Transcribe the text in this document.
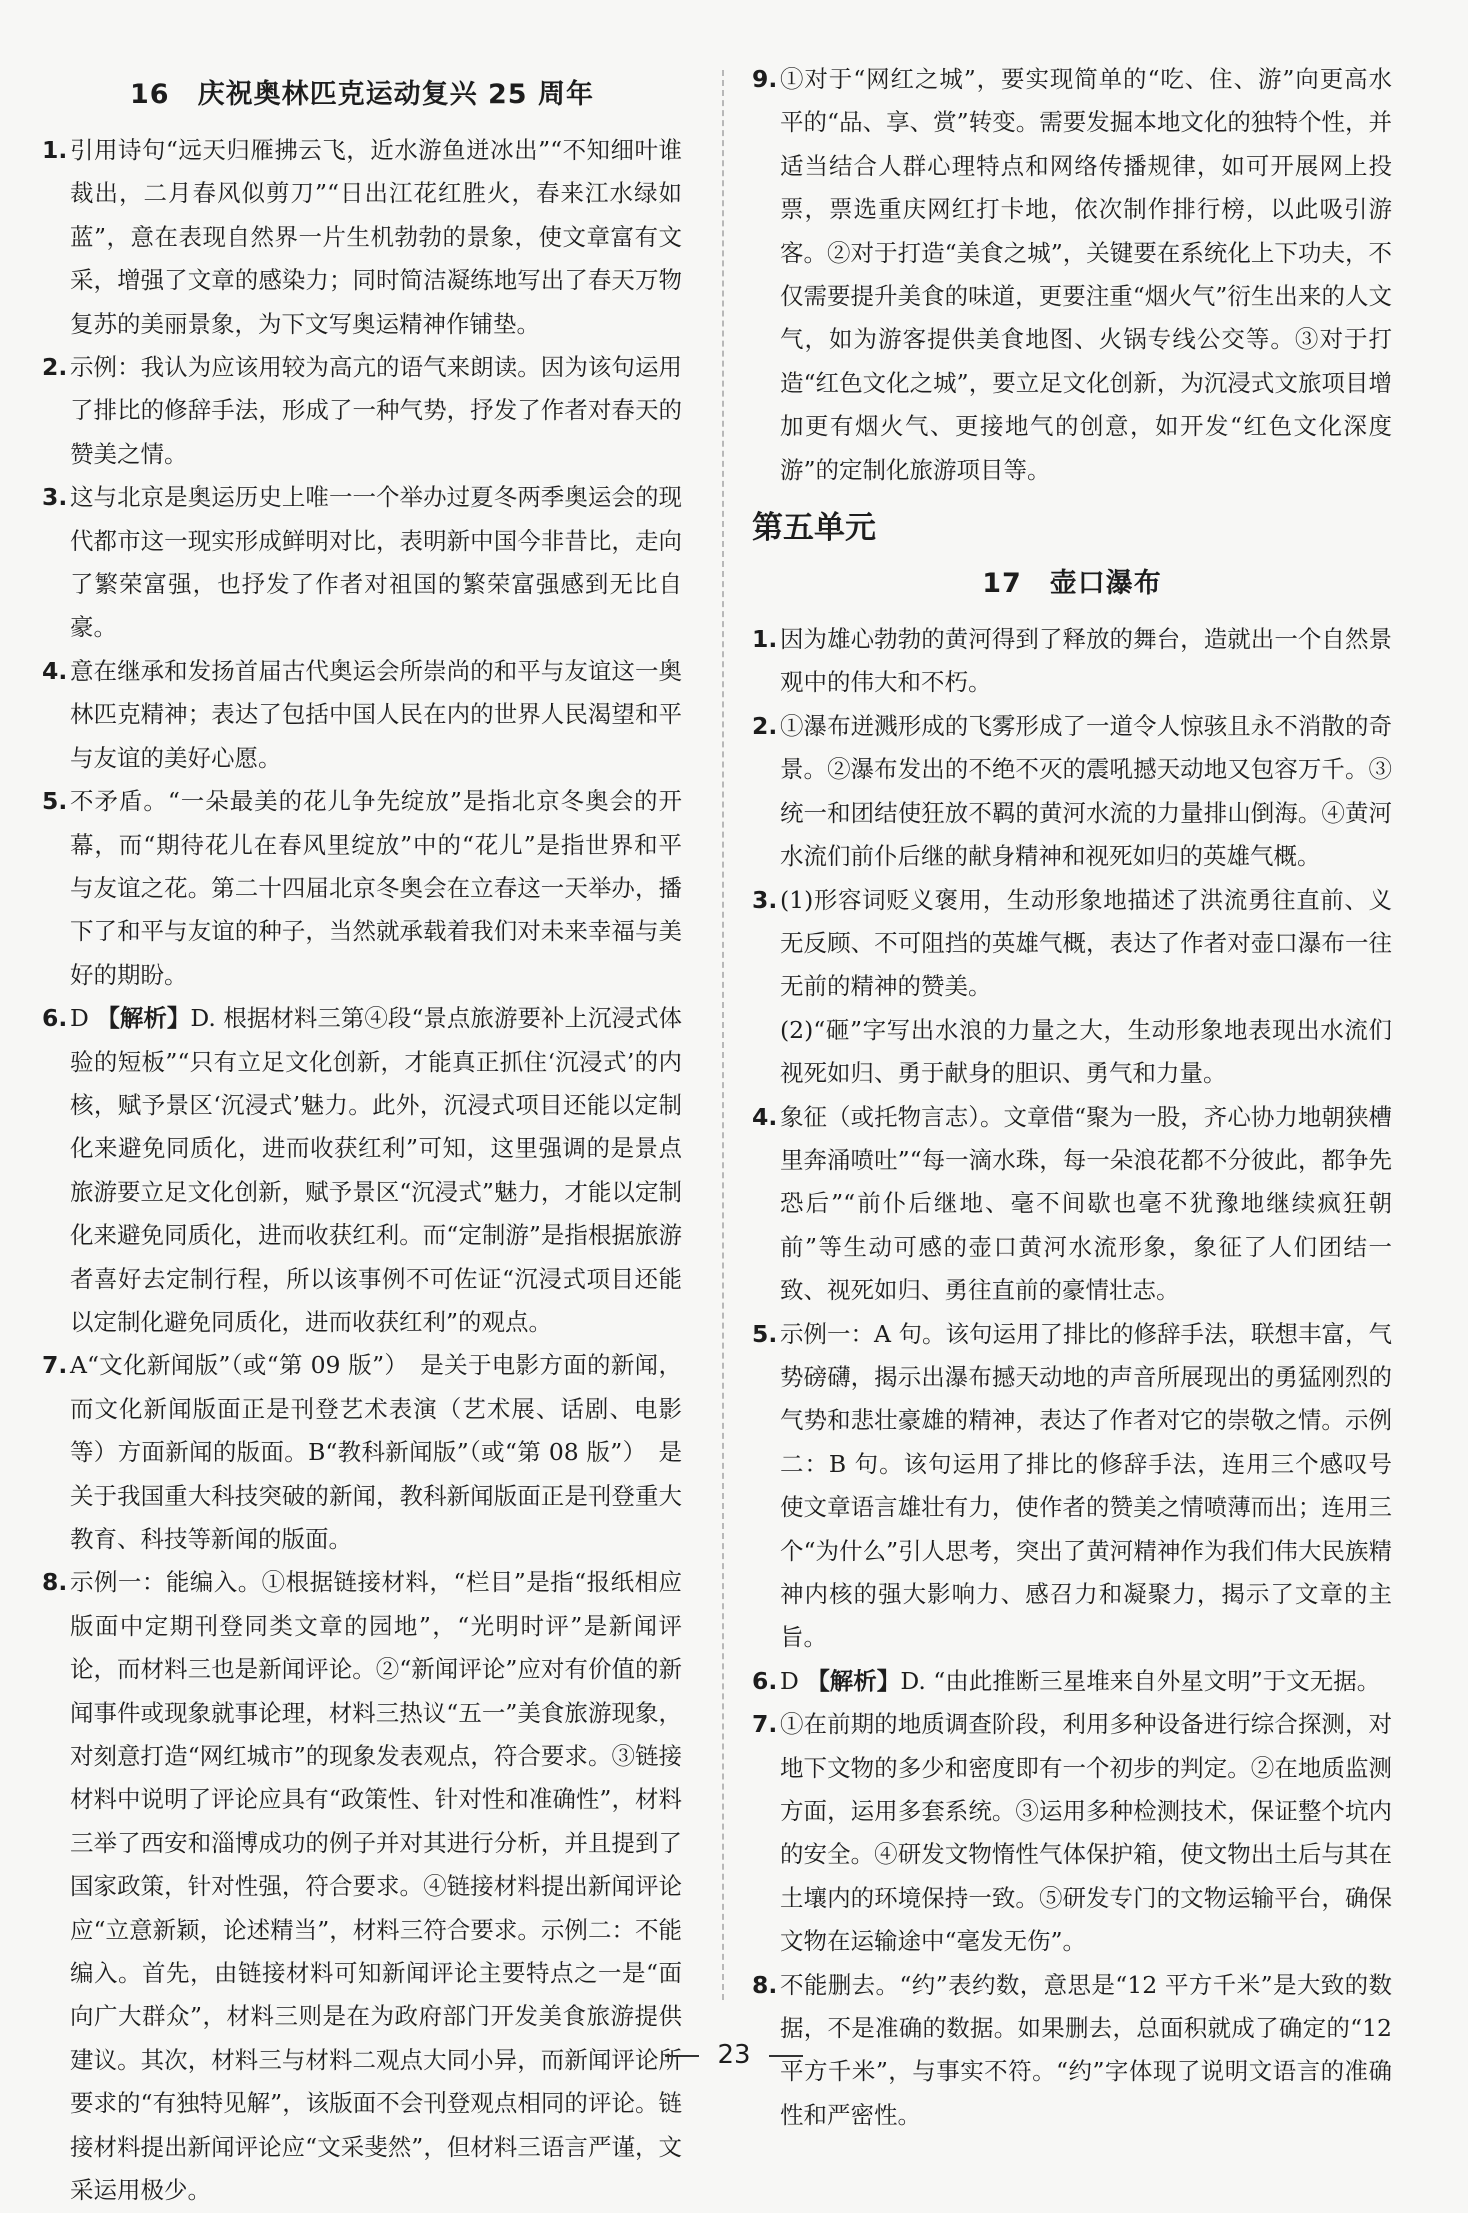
16　庆祝奥林匹克运动复兴 25 周年

1. 引用诗句“远天归雁拂云飞，近水游鱼迸冰出”“不知细叶谁裁出，二月春风似剪刀”“日出江花红胜火，春来江水绿如蓝”，意在表现自然界一片生机勃勃的景象，使文章富有文采，增强了文章的感染力；同时简洁凝练地写出了春天万物复苏的美丽景象，为下文写奥运精神作铺垫。

2. 示例：我认为应该用较为高亢的语气来朗读。因为该句运用了排比的修辞手法，形成了一种气势，抒发了作者对春天的赞美之情。

3. 这与北京是奥运历史上唯一一个举办过夏冬两季奥运会的现代都市这一现实形成鲜明对比，表明新中国今非昔比，走向了繁荣富强，也抒发了作者对祖国的繁荣富强感到无比自豪。

4. 意在继承和发扬首届古代奥运会所崇尚的和平与友谊这一奥林匹克精神；表达了包括中国人民在内的世界人民渴望和平与友谊的美好心愿。

5. 不矛盾。“一朵最美的花儿争先绽放”是指北京冬奥会的开幕，而“期待花儿在春风里绽放”中的“花儿”是指世界和平与友谊之花。第二十四届北京冬奥会在立春这一天举办，播下了和平与友谊的种子，当然就承载着我们对未来幸福与美好的期盼。

6. D 【解析】D. 根据材料三第④段“景点旅游要补上沉浸式体验的短板”“只有立足文化创新，才能真正抓住‘沉浸式’的内核，赋予景区‘沉浸式’魅力。此外，沉浸式项目还能以定制化来避免同质化，进而收获红利”可知，这里强调的是景点旅游要立足文化创新，赋予景区“沉浸式”魅力，才能以定制化来避免同质化，进而收获红利。而“定制游”是指根据旅游者喜好去定制行程，所以该事例不可佐证“沉浸式项目还能以定制化避免同质化，进而收获红利”的观点。

7. A“文化新闻版”（或“第 09 版”）　是关于电影方面的新闻，而文化新闻版面正是刊登艺术表演（艺术展、话剧、电影等）方面新闻的版面。B“教科新闻版”（或“第 08 版”）　是关于我国重大科技突破的新闻，教科新闻版面正是刊登重大教育、科技等新闻的版面。

8. 示例一：能编入。①根据链接材料，“栏目”是指“报纸相应版面中定期刊登同类文章的园地”，“光明时评”是新闻评论，而材料三也是新闻评论。②“新闻评论”应对有价值的新闻事件或现象就事论理，材料三热议“五一”美食旅游现象，对刻意打造“网红城市”的现象发表观点，符合要求。③链接材料中说明了评论应具有“政策性、针对性和准确性”，材料三举了西安和淄博成功的例子并对其进行分析，并且提到了国家政策，针对性强，符合要求。④链接材料提出新闻评论应“立意新颖，论述精当”，材料三符合要求。示例二：不能编入。首先，由链接材料可知新闻评论主要特点之一是“面向广大群众”，材料三则是在为政府部门开发美食旅游提供建议。其次，材料三与材料二观点大同小异，而新闻评论所要求的“有独特见解”，该版面不会刊登观点相同的评论。链接材料提出新闻评论应“文采斐然”，但材料三语言严谨，文采运用极少。

9. ①对于“网红之城”，要实现简单的“吃、住、游”向更高水平的“品、享、赏”转变。需要发掘本地文化的独特个性，并适当结合人群心理特点和网络传播规律，如可开展网上投票，票选重庆网红打卡地，依次制作排行榜，以此吸引游客。②对于打造“美食之城”，关键要在系统化上下功夫，不仅需要提升美食的味道，更要注重“烟火气”衍生出来的人文气，如为游客提供美食地图、火锅专线公交等。③对于打造“红色文化之城”，要立足文化创新，为沉浸式文旅项目增加更有烟火气、更接地气的创意，如开发“红色文化深度游”的定制化旅游项目等。

第五单元
17　壶口瀑布

1. 因为雄心勃勃的黄河得到了释放的舞台，造就出一个自然景观中的伟大和不朽。

2. ①瀑布迸溅形成的飞雾形成了一道令人惊骇且永不消散的奇景。②瀑布发出的不绝不灭的震吼撼天动地又包容万千。③统一和团结使狂放不羁的黄河水流的力量排山倒海。④黄河水流们前仆后继的献身精神和视死如归的英雄气概。

3. (1)形容词贬义褒用，生动形象地描述了洪流勇往直前、义无反顾、不可阻挡的英雄气概，表达了作者对壶口瀑布一往无前的精神的赞美。

(2)“砸”字写出水浪的力量之大，生动形象地表现出水流们视死如归、勇于献身的胆识、勇气和力量。

4. 象征（或托物言志）。文章借“聚为一股，齐心协力地朝狭槽里奔涌喷吐”“每一滴水珠，每一朵浪花都不分彼此，都争先恐后”“前仆后继地、毫不间歇也毫不犹豫地继续疯狂朝前”等生动可感的壶口黄河水流形象，象征了人们团结一致、视死如归、勇往直前的豪情壮志。

5. 示例一：A 句。该句运用了排比的修辞手法，联想丰富，气势磅礴，揭示出瀑布撼天动地的声音所展现出的勇猛刚烈的气势和悲壮豪雄的精神，表达了作者对它的崇敬之情。示例二：B 句。该句运用了排比的修辞手法，连用三个感叹号使文章语言雄壮有力，使作者的赞美之情喷薄而出；连用三个“为什么”引人思考，突出了黄河精神作为我们伟大民族精神内核的强大影响力、感召力和凝聚力，揭示了文章的主旨。

6. D 【解析】D. “由此推断三星堆来自外星文明”于文无据。

7. ①在前期的地质调查阶段，利用多种设备进行综合探测，对地下文物的多少和密度即有一个初步的判定。②在地质监测方面，运用多套系统。③运用多种检测技术，保证整个坑内的安全。④研发文物惰性气体保护箱，使文物出土后与其在土壤内的环境保持一致。⑤研发专门的文物运输平台，确保文物在运输途中“毫发无伤”。

8. 不能删去。“约”表约数，意思是“12 平方千米”是大致的数据，不是准确的数据。如果删去，总面积就成了确定的“12 平方千米”，与事实不符。“约”字体现了说明文语言的准确性和严密性。

23
